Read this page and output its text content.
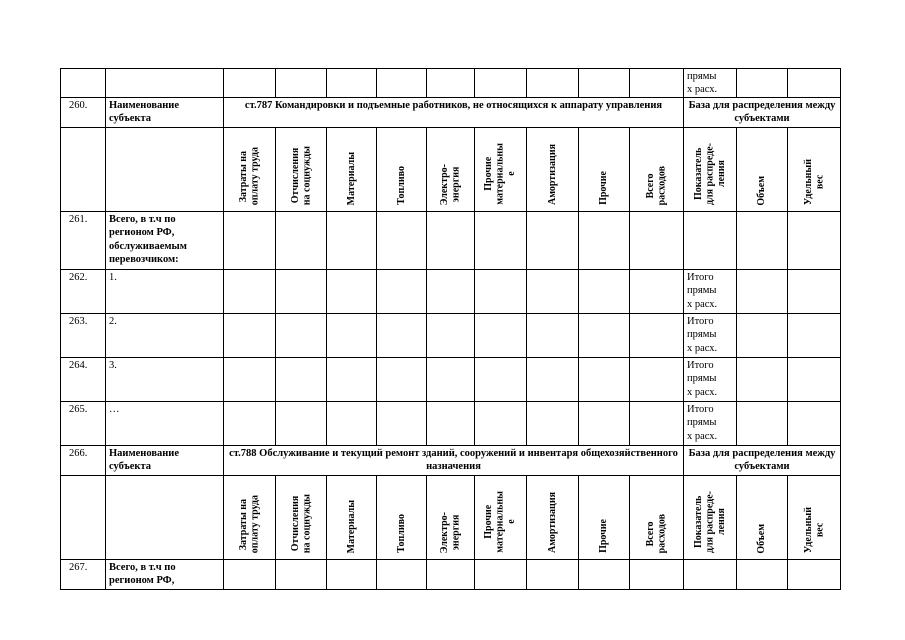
											прямы
х расх.		
260.	Наименование субъекта	ст.787 Командировки и подъемные работников, не относящихся к аппарату управления									База для распределения между субъектами		
		Затраты на
оплату труда	Отчисления
на соцнужды	Материалы	Топливо	Электро-
энергия	Прочие
материальны
е	Амортизация	Прочие	Всего
расходов	Показатель
для распреде-
ления	Объем	Удельный
вес
261.	Всего, в т.ч по регионом РФ, обслуживаемым перевозчиком:												
262.	1.										Итого
прямы
х расх.		
263.	2.										Итого
прямы
х расх.		
264.	3.										Итого
прямы
х расх.		
265.	…										Итого
прямы
х расх.		
266.	Наименование субъекта	ст.788 Обслуживание и текущий ремонт зданий, сооружений и инвентаря общехозяйственного назначения									База для распределения между субъектами		
		Затраты на
оплату труда	Отчисления
на соцнужды	Материалы	Топливо	Электро-
энергия	Прочие
материальны
е	Амортизация	Прочие	Всего
расходов	Показатель
для распреде-
ления	Объем	Удельный
вес
267.	Всего, в т.ч по регионом РФ,												
